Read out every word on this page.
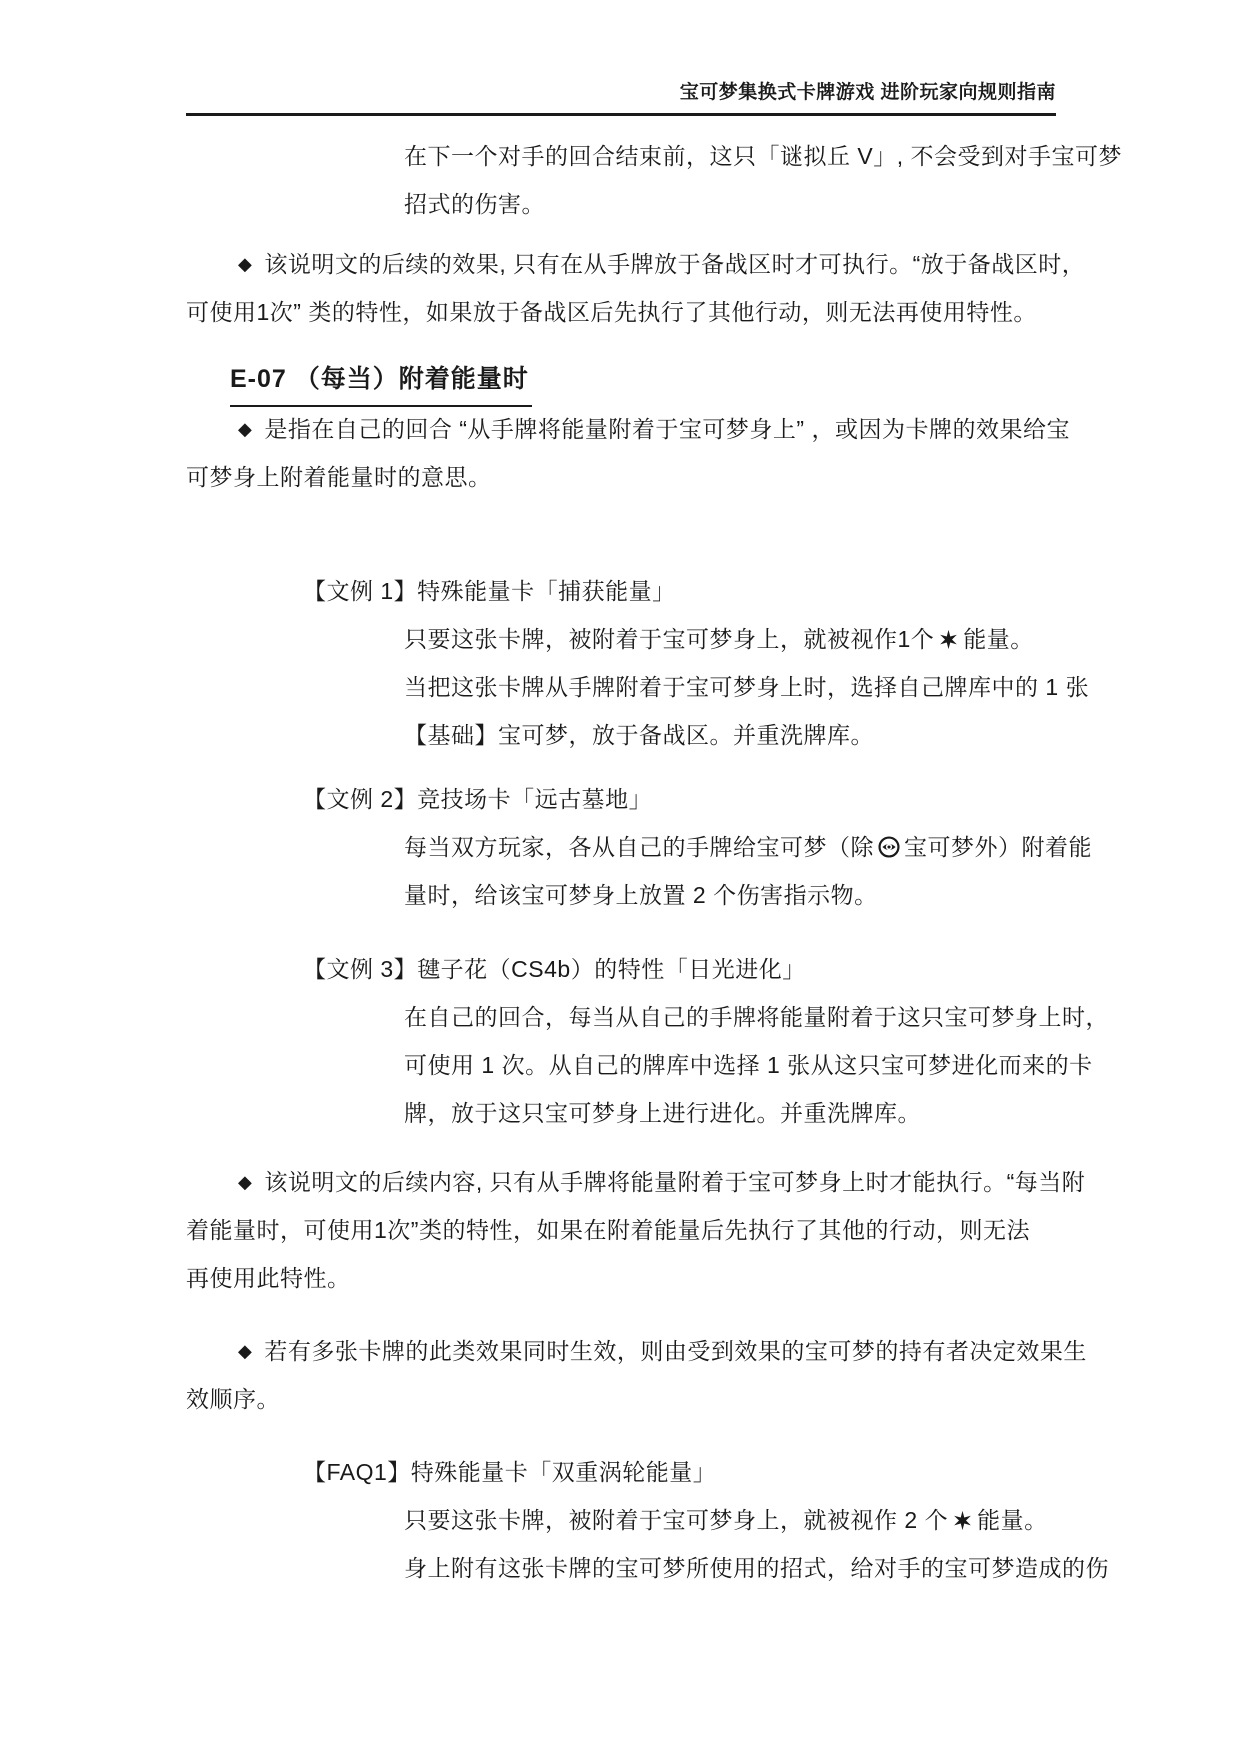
宝可梦集换式卡牌游戏 进阶玩家向规则指南
在下一个对手的回合结束前，这只「谜拟丘 V」, 不会受到对手宝可梦
招式的伤害。
◆ 该说明文的后续的效果, 只有在从手牌放于备战区时才可执行。“放于备战区时，
可使用1次” 类的特性，如果放于备战区后先执行了其他行动，则无法再使用特性。
E-07 （每当）附着能量时
◆ 是指在自己的回合 “从手牌将能量附着于宝可梦身上” ，或因为卡牌的效果给宝
可梦身上附着能量时的意思。
【文例 1】特殊能量卡「捕获能量」
只要这张卡牌，被附着于宝可梦身上，就被视作1个 能量。
当把这张卡牌从手牌附着于宝可梦身上时，选择自己牌库中的 1 张
【基础】宝可梦，放于备战区。并重洗牌库。
【文例 2】竞技场卡「远古墓地」
每当双方玩家，各从自己的手牌给宝可梦（除 宝可梦外）附着能
量时，给该宝可梦身上放置 2 个伤害指示物。
【文例 3】毽子花（CS4b）的特性「日光进化」
在自己的回合，每当从自己的手牌将能量附着于这只宝可梦身上时，
可使用 1 次。从自己的牌库中选择 1 张从这只宝可梦进化而来的卡
牌，放于这只宝可梦身上进行进化。并重洗牌库。
◆ 该说明文的后续内容, 只有从手牌将能量附着于宝可梦身上时才能执行。“每当附
着能量时，可使用1次”类的特性，如果在附着能量后先执行了其他的行动，则无法
再使用此特性。
◆ 若有多张卡牌的此类效果同时生效，则由受到效果的宝可梦的持有者决定效果生
效顺序。
【FAQ1】特殊能量卡「双重涡轮能量」
只要这张卡牌，被附着于宝可梦身上，就被视作 2 个 能量。
身上附有这张卡牌的宝可梦所使用的招式，给对手的宝可梦造成的伤
